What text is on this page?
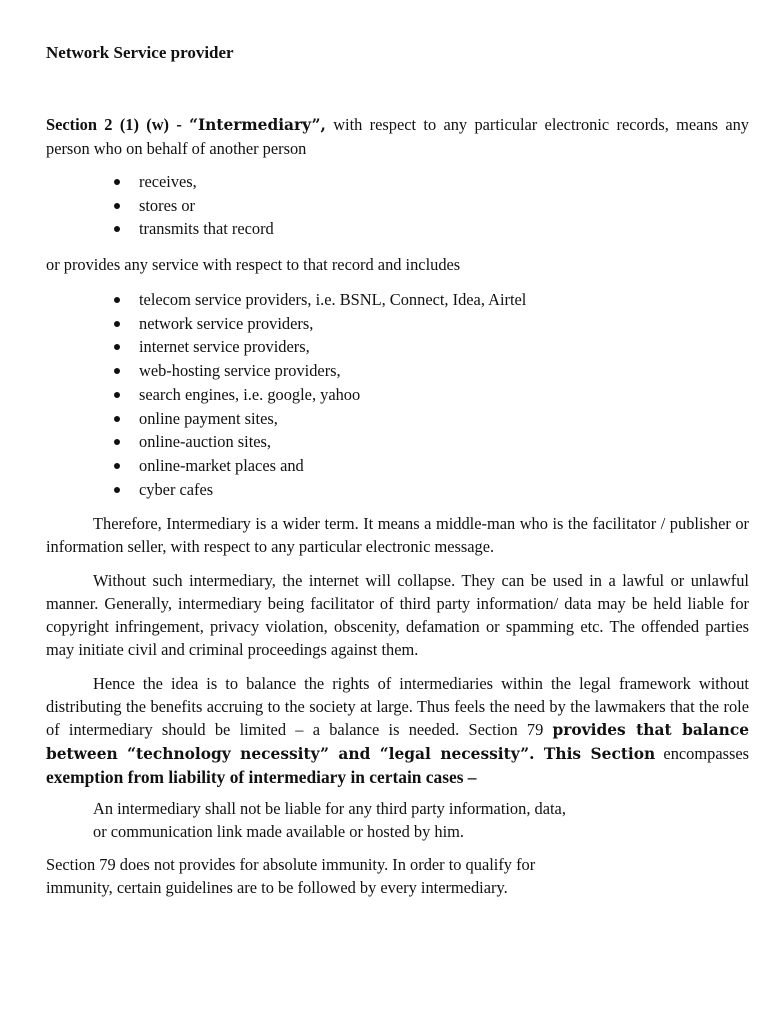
Network Service provider

Section 2 (1) (w) - “Intermediary”, with respect to any particular electronic records, means any person who on behalf of another person

receives,
stores or
transmits that record

or provides any service with respect to that record and includes

telecom service providers, i.e. BSNL, Connect, Idea, Airtel
network service providers,
internet service providers,
web-hosting service providers,
search engines, i.e. google, yahoo
online payment sites,
online-auction sites,
online-market places and
cyber cafes

Therefore, Intermediary is a wider term. It means a middle-man who is the facilitator / publisher or information seller, with respect to any particular electronic message.

Without such intermediary, the internet will collapse. They can be used in a lawful or unlawful manner. Generally, intermediary being facilitator of third party information/ data may be held liable for copyright infringement, privacy violation, obscenity, defamation or spamming etc. The offended parties may initiate civil and criminal proceedings against them.

Hence the idea is to balance the rights of intermediaries within the legal framework without distributing the benefits accruing to the society at large. Thus feels the need by the lawmakers that the role of intermediary should be limited – a balance is needed. Section 79 provides that balance between “technology necessity” and “legal necessity”. This Section encompasses exemption from liability of intermediary in certain cases –

An intermediary shall not be liable for any third party information, data,
or communication link made available or hosted by him.

Section 79 does not provides for absolute immunity. In order to qualify for
immunity, certain guidelines are to be followed by every intermediary.
